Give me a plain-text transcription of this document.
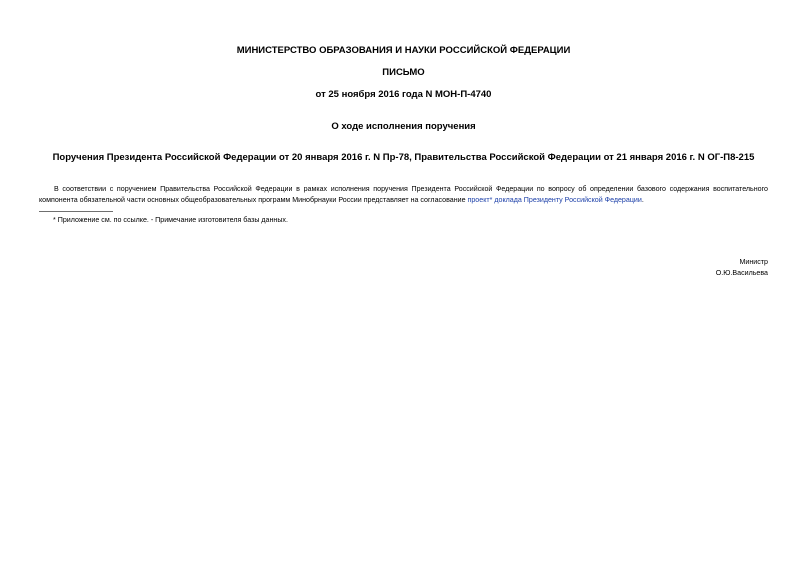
МИНИСТЕРСТВО ОБРАЗОВАНИЯ И НАУКИ РОССИЙСКОЙ ФЕДЕРАЦИИ
ПИСЬМО
от 25 ноября 2016 года N МОН-П-4740
О ходе исполнения поручения
Поручения Президента Российской Федерации от 20 января 2016 г. N Пр-78, Правительства Российской Федерации от 21 января 2016 г. N ОГ-П8-215

В соответствии с поручением Правительства Российской Федерации в рамках исполнения поручения Президента Российской Федерации по вопросу об определении базового содержания воспитательного компонента обязательной части основных общеобразовательных программ Минобрнауки России представляет на согласование проект* доклада Президенту Российской Федерации.

* Приложение см. по ссылке. - Примечание изготовителя базы данных.
Министр
О.Ю.Васильева
